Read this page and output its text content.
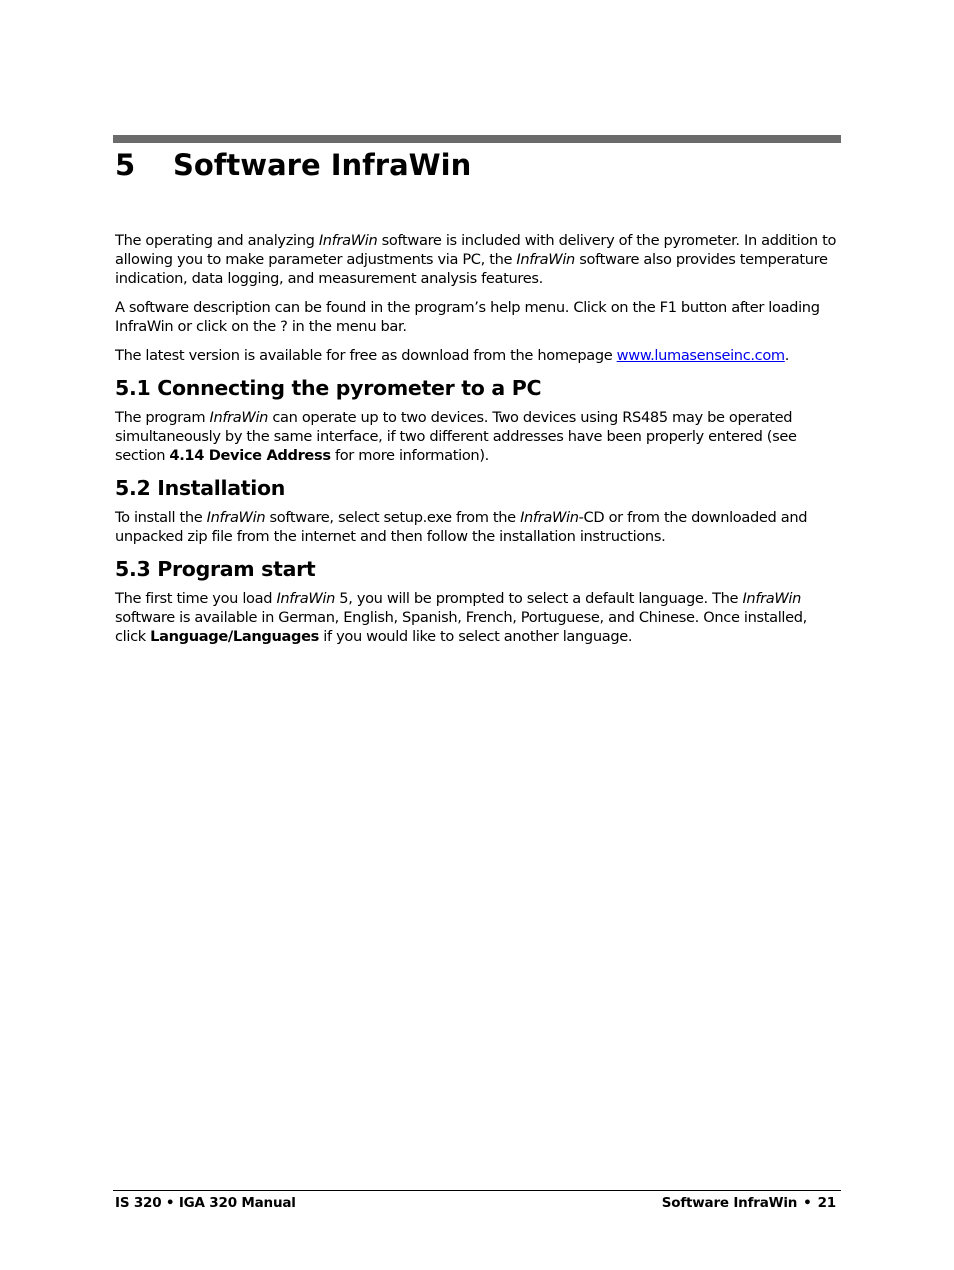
5 Software InfraWin

The operating and analyzing InfraWin software is included with delivery of the pyrometer. In addition to allowing you to make parameter adjustments via PC, the InfraWin software also provides temperature indication, data logging, and measurement analysis features.

A software description can be found in the program’s help menu. Click on the F1 button after loading InfraWin or click on the ? in the menu bar.

The latest version is available for free as download from the homepage www.lumasenseinc.com.

5.1 Connecting the pyrometer to a PC

The program InfraWin can operate up to two devices. Two devices using RS485 may be operated simultaneously by the same interface, if two different addresses have been properly entered (see section 4.14 Device Address for more information).

5.2 Installation

To install the InfraWin software, select setup.exe from the InfraWin-CD or from the downloaded and unpacked zip file from the internet and then follow the installation instructions.

5.3 Program start

The first time you load InfraWin 5, you will be prompted to select a default language. The InfraWin software is available in German, English, Spanish, French, Portuguese, and Chinese. Once installed, click Language/Languages if you would like to select another language.

IS 320 • IGA 320 Manual	Software InfraWin • 21
